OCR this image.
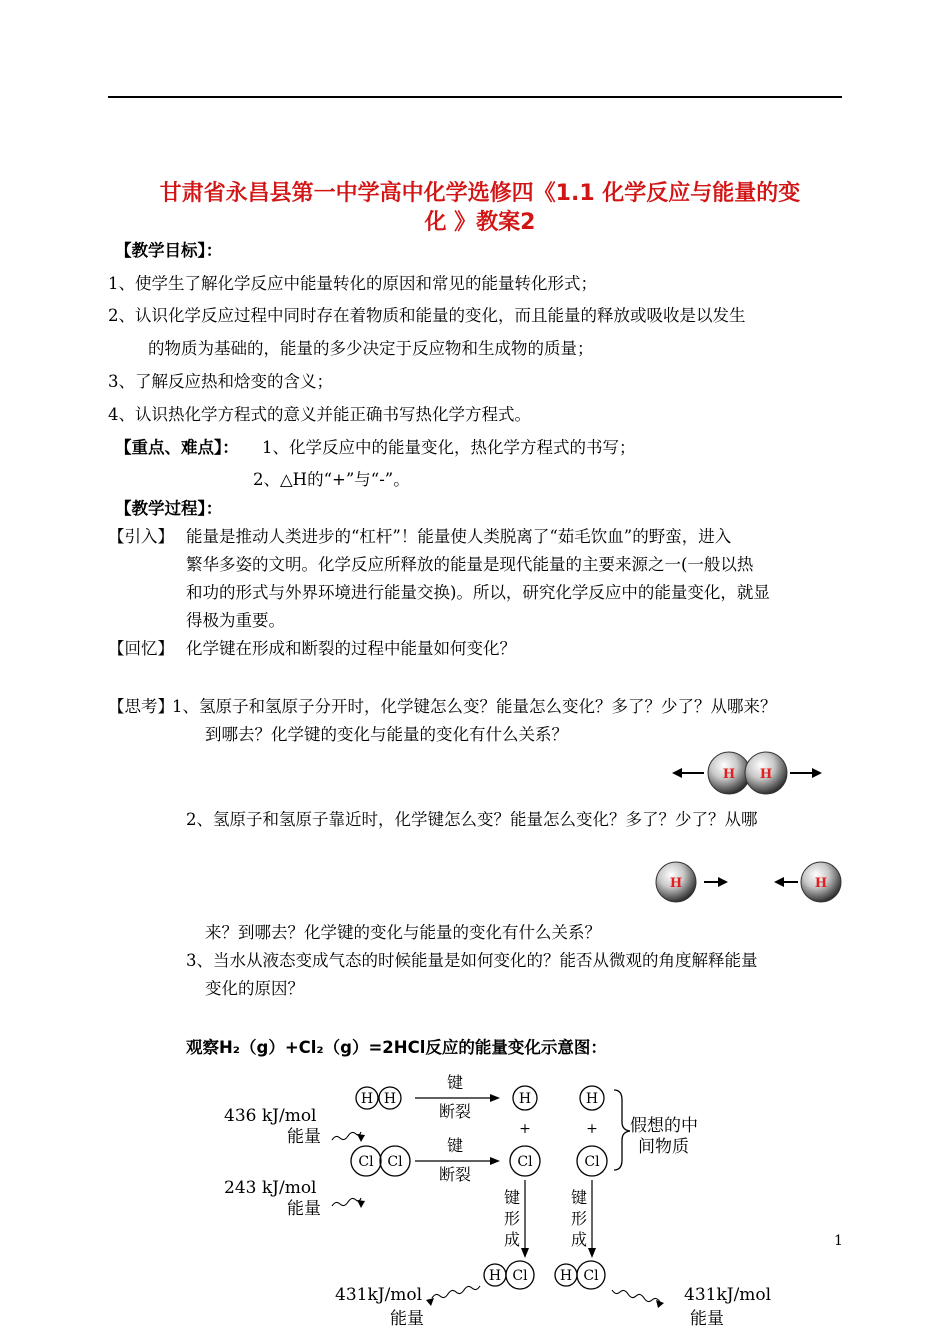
甘肃省永昌县第一中学高中化学选修四《1.1 化学反应与能量的变
化 》教案2
【教学目标】：
1、使学生了解化学反应中能量转化的原因和常见的能量转化形式；
2、认识化学反应过程中同时存在着物质和能量的变化，而且能量的释放或吸收是以发生
的物质为基础的，能量的多少决定于反应物和生成物的质量；
3、了解反应热和焓变的含义；
4、认识热化学方程式的意义并能正确书写热化学方程式。
【重点、难点】： 1、化学反应中的能量变化，热化学方程式的书写；
2、△H的“+”与“-”。
【教学过程】：
【引入】 能量是推动人类进步的“杠杆”！能量使人类脱离了“茹毛饮血”的野蛮，进入
繁华多姿的文明。化学反应所释放的能量是现代能量的主要来源之一(一般以热
和功的形式与外界环境进行能量交换)。所以，研究化学反应中的能量变化，就显
得极为重要。
【回忆】 化学键在形成和断裂的过程中能量如何变化？
【思考】
1、氢原子和氢原子分开时，化学键怎么变？能量怎么变化？多了？少了？从哪来？
到哪去？化学键的变化与能量的变化有什么关系？
H H
2、氢原子和氢原子靠近时，化学键怎么变？能量怎么变化？多了？少了？从哪
H	H
来？到哪去？化学键的变化与能量的变化有什么关系？
3、当水从液态变成气态的时候能量是如何变化的？能否从微观的角度解释能量
变化的原因？
观察H₂（g）+Cl₂（g）=2HCl反应的能量变化示意图：
H H
Cl Cl
H	H
Cl	Cl
H Cl H Cl
+	+
键
断裂
键
断裂
键
形
成
键
形
成
假想的中
间物质
436 kJ/mol
能量
243 kJ/mol
能量
431kJ/mol
能量
431kJ/mol
能量
1
